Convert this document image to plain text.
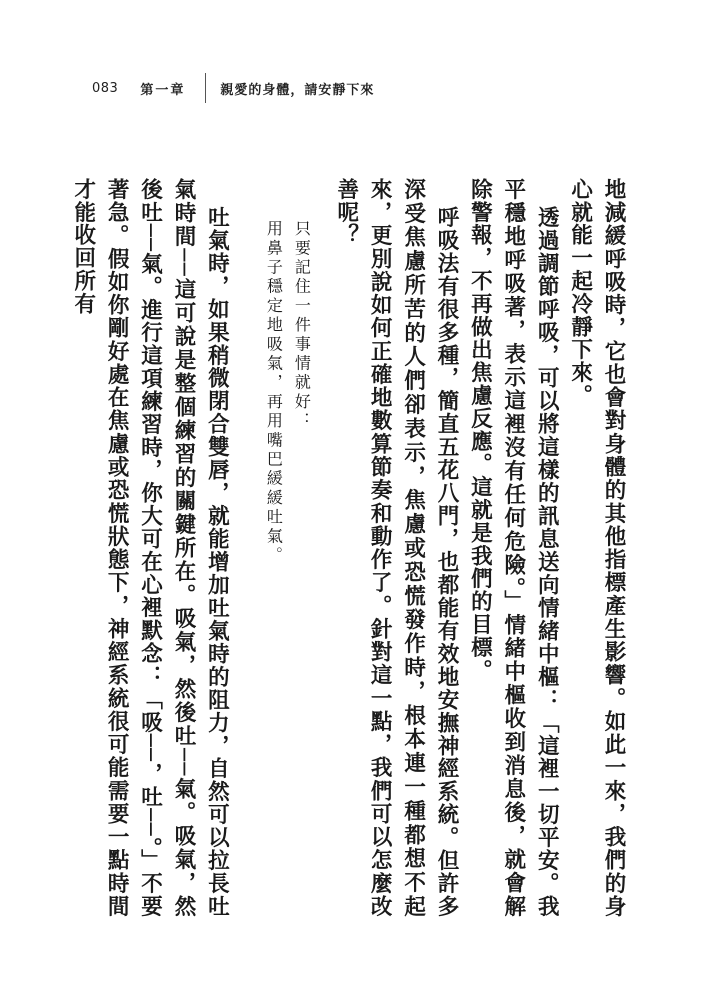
083 第一章	親愛的身體，請安靜下來

地減緩呼吸時，它也會對身體的其他指標產生影響。如此一來，我們的身心就能一起冷靜下來。

透過調節呼吸，可以將這樣的訊息送向情緒中樞：「這裡一切平安。我平穩地呼吸著，表示這裡沒有任何危險。」情緒中樞收到消息後，就會解除警報，不再做出焦慮反應。這就是我們的目標。

呼吸法有很多種，簡直五花八門，也都能有效地安撫神經系統。但許多深受焦慮所苦的人們卻表示，焦慮或恐慌發作時，根本連一種都想不起來，更別說如何正確地數算節奏和動作了。針對這一點，我們可以怎麼改善呢？

只要記住一件事情就好：
用鼻子穩定地吸氣，再用嘴巴緩緩吐氣。

吐氣時，如果稍微閉合雙唇，就能增加吐氣時的阻力，自然可以拉長吐氣時間──這可說是整個練習的關鍵所在。吸氣，然後吐──氣。吸氣，然後吐──氣。進行這項練習時，你大可在心裡默念：「吸──，吐──。」不要著急。假如你剛好處在焦慮或恐慌狀態下，神經系統很可能需要一點時間才能收回所有
